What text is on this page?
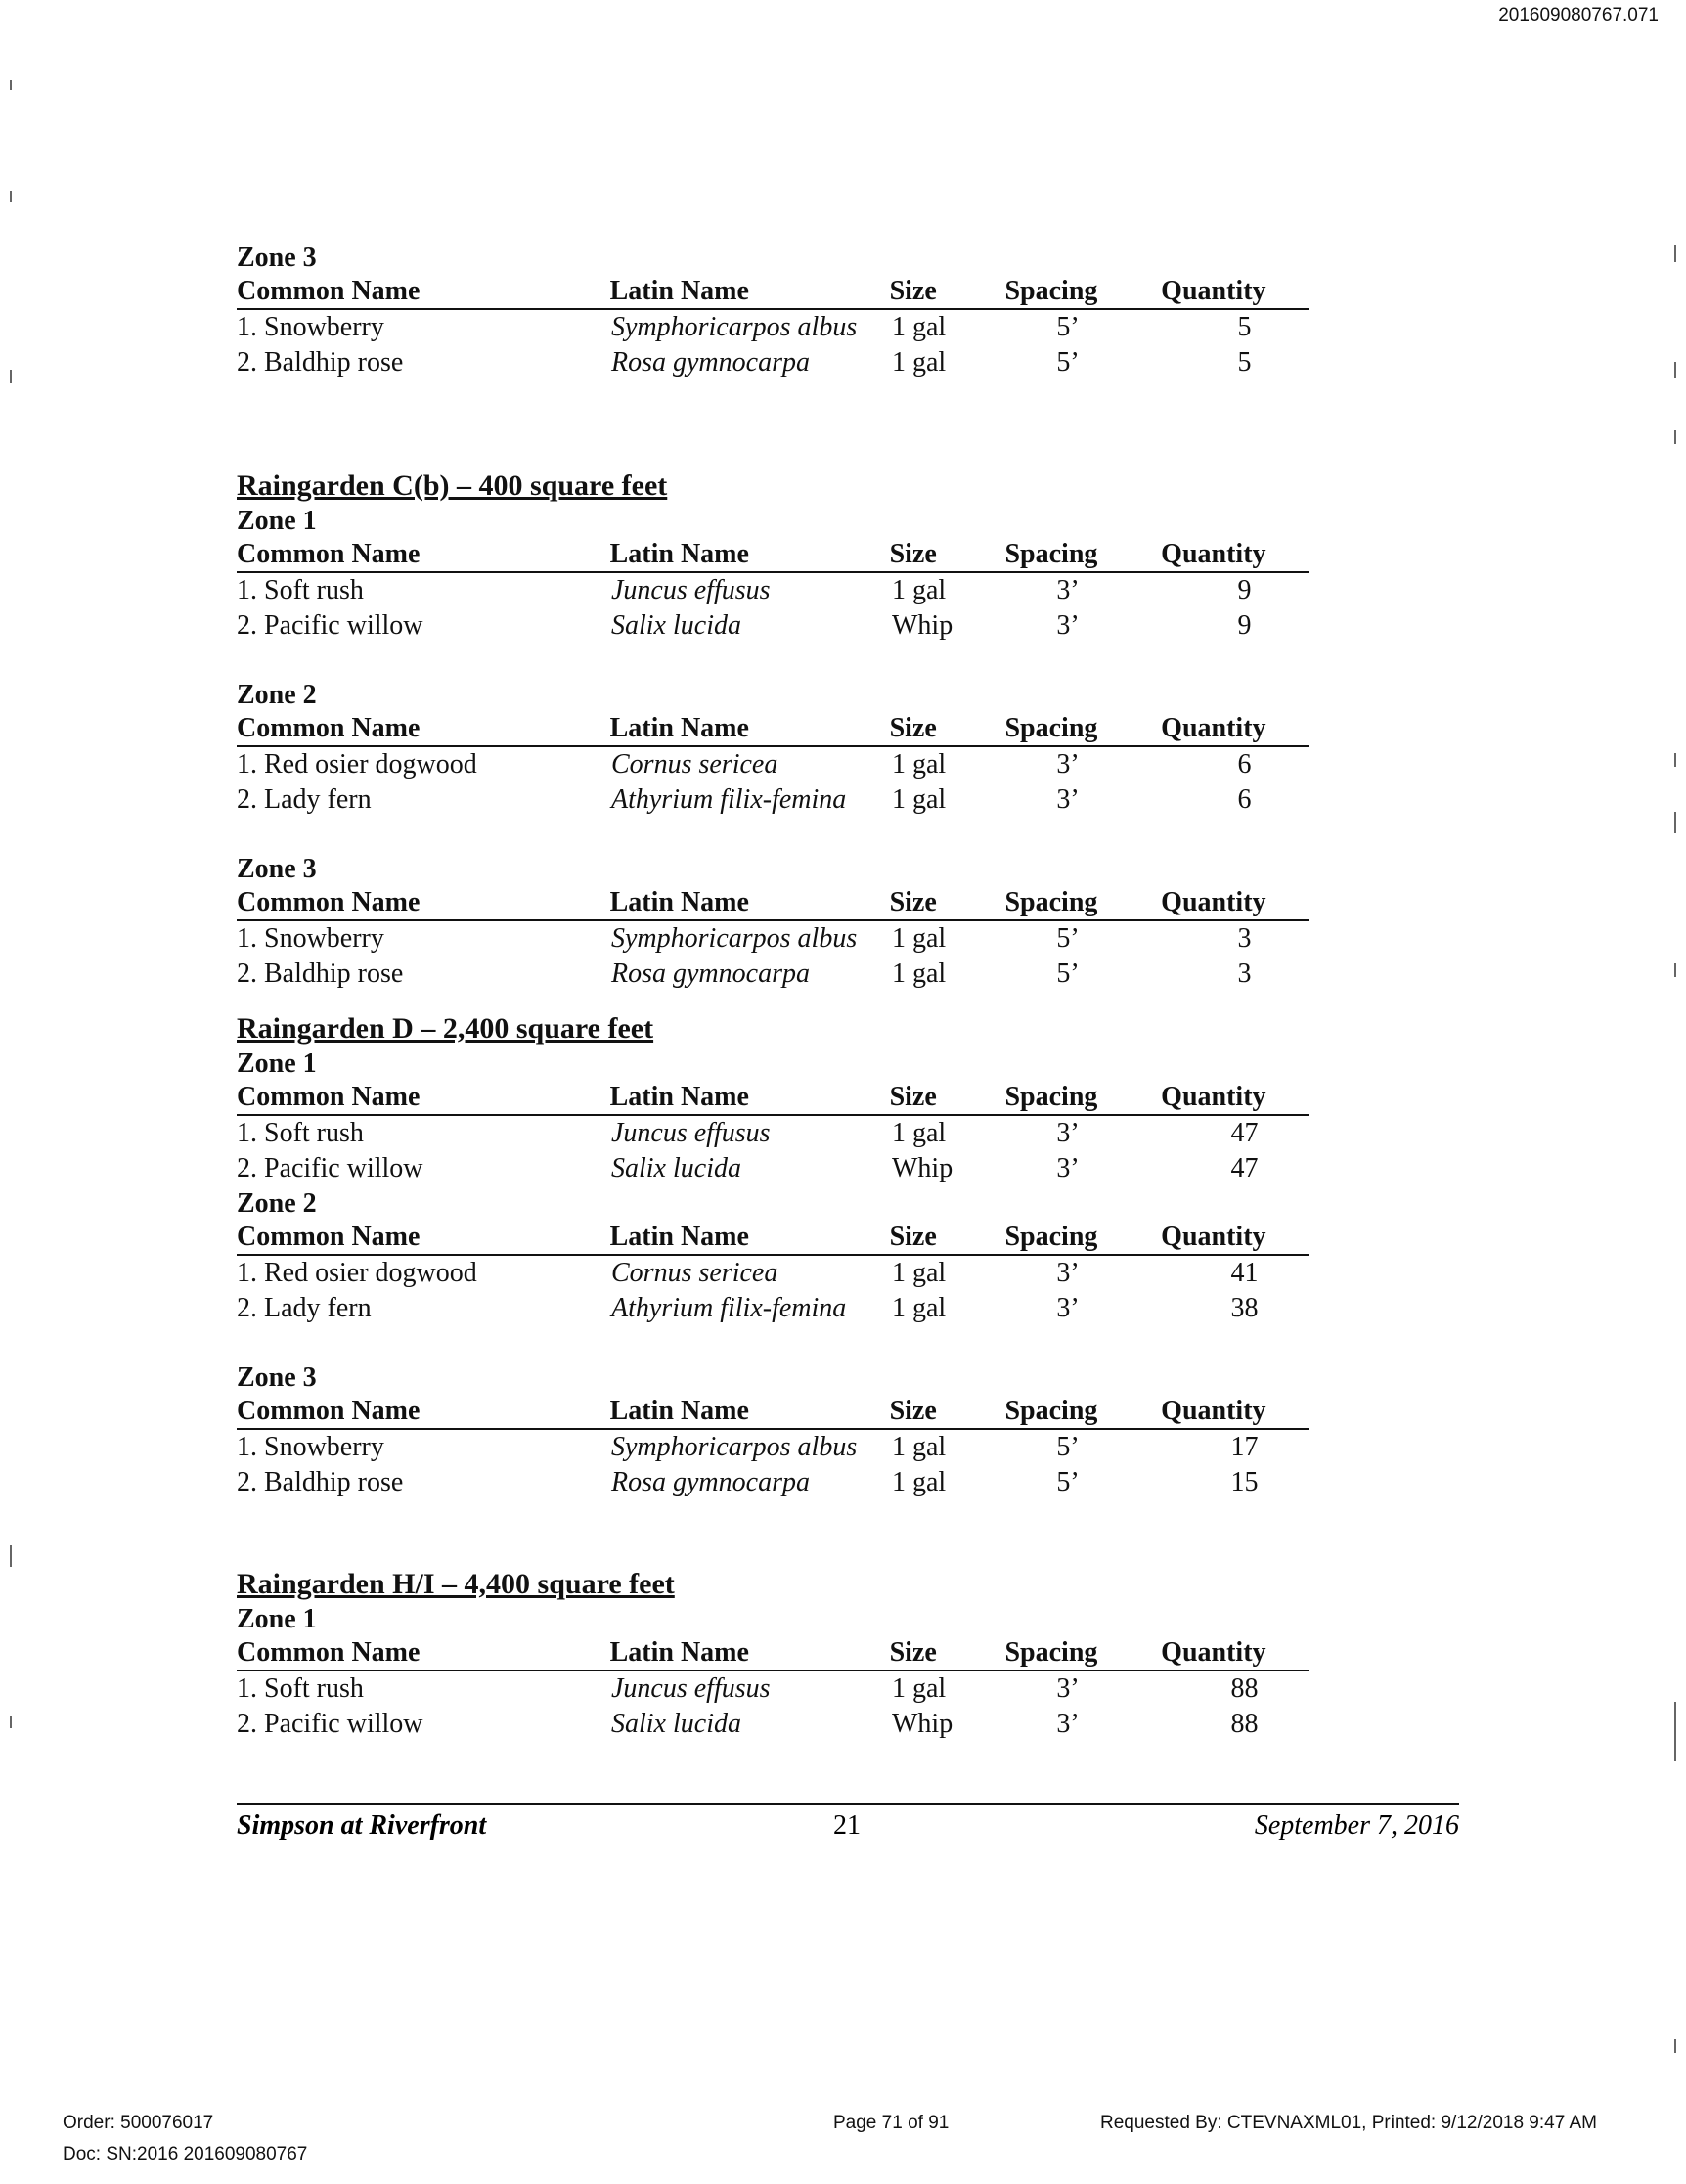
201609080767.071
Zone 3
Common Name	Latin Name	Size	Spacing	Quantity
1. Snowberry	Symphoricarpos albus	1 gal	5’	5
2. Baldhip rose	Rosa gymnocarpa	1 gal	5’	5
Raingarden C(b) – 400 square feet
Zone 1
Common Name	Latin Name	Size	Spacing	Quantity
1. Soft rush	Juncus effusus	1 gal	3’	9
2. Pacific willow	Salix lucida	Whip	3’	9
Zone 2
Common Name	Latin Name	Size	Spacing	Quantity
1. Red osier dogwood	Cornus sericea	1 gal	3’	6
2. Lady fern	Athyrium filix-femina	1 gal	3’	6
Zone 3
Common Name	Latin Name	Size	Spacing	Quantity
1. Snowberry	Symphoricarpos albus	1 gal	5’	3
2. Baldhip rose	Rosa gymnocarpa	1 gal	5’	3
Raingarden D – 2,400 square feet
Zone 1
Common Name	Latin Name	Size	Spacing	Quantity
1. Soft rush	Juncus effusus	1 gal	3’	47
2. Pacific willow	Salix lucida	Whip	3’	47
Zone 2
Common Name	Latin Name	Size	Spacing	Quantity
1. Red osier dogwood	Cornus sericea	1 gal	3’	41
2. Lady fern	Athyrium filix-femina	1 gal	3’	38
Zone 3
Common Name	Latin Name	Size	Spacing	Quantity
1. Snowberry	Symphoricarpos albus	1 gal	5’	17
2. Baldhip rose	Rosa gymnocarpa	1 gal	5’	15
Raingarden H/I – 4,400 square feet
Zone 1
Common Name	Latin Name	Size	Spacing	Quantity
1. Soft rush	Juncus effusus	1 gal	3’	88
2. Pacific willow	Salix lucida	Whip	3’	88
Simpson at Riverfront	21	September 7, 2016
Order: 500076017
Doc: SN:2016 201609080767
Page 71 of 91	Requested By: CTEVNAXML01, Printed: 9/12/2018 9:47 AM
